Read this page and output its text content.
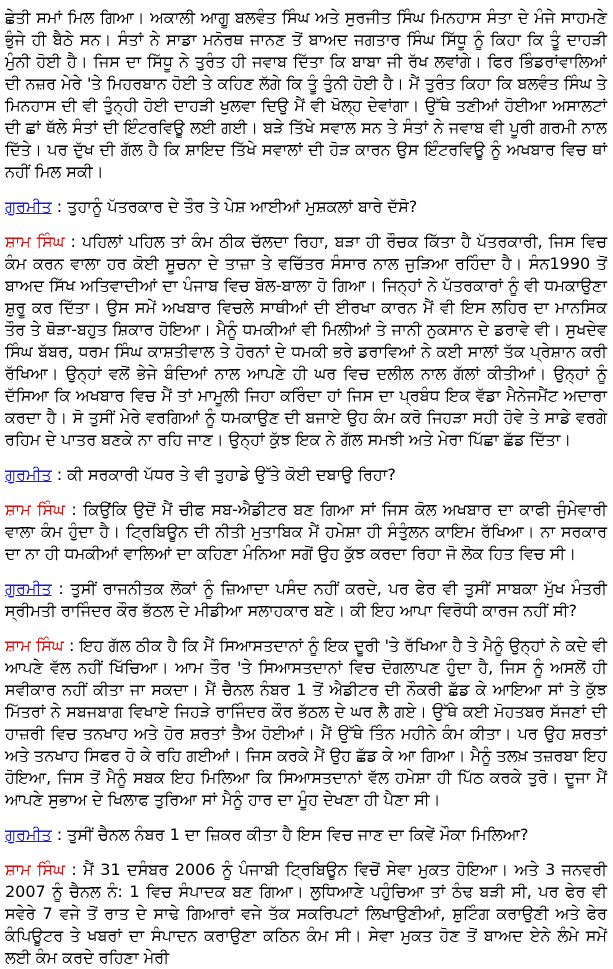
ਛੇਤੀ ਸਮਾਂ ਮਿਲ ਗਿਆ। ਅਕਾਲੀ ਆਗੂ ਬਲਵੰਤ ਸਿੰਘ ਅਤੇ ਸੁਰਜੀਤ ਸਿੰਘ ਮਿਨਹਾਸ ਸੰਤਾ ਦੇ ਮੰਜੇ ਸਾਹਮਣੇ ਭੁੰਜੇ ਹੀ ਬੈਠੇ ਸਨ। ਸੰਤਾਂ ਨੇ ਸਾਡਾ ਮਨੋਰਥ ਜਾਨਣ ਤੋਂ ਬਾਅਦ ਜਗਤਾਰ ਸਿੰਘ ਸਿੱਧੂ ਨੂੰ ਕਿਹਾ ਕਿ ਤੂੰ ਦਾਹੜੀ ਮੁੰਨੀ ਹੋਈ ਹੈ। ਜਿਸ ਦਾ ਸਿੱਧੂ ਨੇ ਤੁਰੰਤ ਹੀ ਜਵਾਬ ਦਿੱਤਾ ਕਿ ਬਾਬਾ ਜੀ ਰੱਖ ਲਵਾਂਗੇ। ਫਿਰ ਭਿੰਡਰਾਂਵਾਲਿਆਂ ਦੀ ਨਜ਼ਰ ਮੇਰੇ 'ਤੇ ਮਿਹਰਬਾਨ ਹੋਈ ਤੇ ਕਹਿਣ ਲੱਗੇ ਕਿ ਤੂੰ ਤੁੰਨੀ ਹੋਈ ਹੈ। ਮੈਂ ਤੁਰੰਤ ਕਿਹਾ ਕਿ ਬਲਵੰਤ ਸਿੰਘ ਤੇ ਮਿਨਹਾਸ ਦੀ ਵੀ ਤੁੰਨ੍ਹੀ ਹੋਈ ਦਾਹੜੀ ਖੁਲਵਾ ਦਿਉ ਮੈਂ ਵੀ ਖੋਲ੍ਹ ਦੇਵਾਂਗਾ। ਉੱਥੇ ਤਣੀਆਂ ਹੋਈਆ ਅਸਾਲਟਾਂ ਦੀ ਛਾਂ ਥੱਲੇ ਸੰਤਾਂ ਦੀ ਇੰਟਰਵਿਊ ਲਈ ਗਈ। ਬੜੇ ਤਿੱਖੇ ਸਵਾਲ ਸਨ ਤੇ ਸੰਤਾਂ ਨੇ ਜਵਾਬ ਵੀ ਪੂਰੀ ਗਰਮੀ ਨਾਲ ਦਿੱਤੇ। ਪਰ ਦੁੱਖ ਦੀ ਗੱਲ ਹੈ ਕਿ ਸ਼ਾਇਦ ਤਿੱਖੇ ਸਵਾਲਾਂ ਦੀ ਹੋੜ ਕਾਰਨ ਉਸ ਇੰਟਰਵਿਊ ਨੂੰ ਅਖਬਾਰ ਵਿਚ ਥਾਂ ਨਹੀਂ ਮਿਲ ਸਕੀ।

ਗੁਰਮੀਤ : ਤੁਹਾਨੂੰ ਪੱਤਰਕਾਰ ਦੇ ਤੌਰ ਤੇ ਪੇਸ਼ ਆਈਆਂ ਮੁਸ਼ਕਲਾਂ ਬਾਰੇ ਦੱਸੋ?

ਸ਼ਾਮ ਸਿੰਘ : ਪਹਿਲਾਂ ਪਹਿਲ ਤਾਂ ਕੰਮ ਠੀਕ ਚੱਲਦਾ ਰਿਹਾ, ਬੜਾ ਹੀ ਰੌਚਕ ਕਿੱਤਾ ਹੈ ਪੱਤਰਕਾਰੀ, ਜਿਸ ਵਿਚ ਕੰਮ ਕਰਨ ਵਾਲਾ ਹਰ ਕੋਈ ਸੂਚਨਾ ਦੇ ਤਾਜ਼ਾ ਤੇ ਵਚਿੱਤਰ ਸੰਸਾਰ ਨਾਲ ਜੁੜਿਆ ਰਹਿੰਦਾ ਹੈ। ਸੰਨ1990 ਤੋਂ ਬਾਅਦ ਸਿੱਖ ਅਤਿਵਾਦੀਆਂ ਦਾ ਪੰਜਾਬ ਵਿਚ ਬੋਲ-ਬਾਲਾ ਹੋ ਗਿਆ। ਜਿਨ੍ਹਾਂ ਨੇ ਪੱਤਰਕਾਰਾਂ ਨੂੰ ਵੀ ਧਮਕਾਉਣਾ ਸ਼ੁਰੂ ਕਰ ਦਿੱਤਾ। ਉਸ ਸਮੇਂ ਅਖਬਾਰ ਵਿਚਲੇ ਸਾਥੀਆਂ ਦੀ ਈਰਖਾ ਕਾਰਨ ਮੈਂ ਵੀ ਇਸ ਲਹਿਰ ਦਾ ਮਾਨਸਿਕ ਤੌਰ ਤੇ ਥੋੜਾ-ਬਹੁਤ ਸ਼ਿਕਾਰ ਹੋਇਆ। ਮੈਨੂੰ ਧਮਕੀਆਂ ਵੀ ਮਿਲੀਆਂ ਤੇ ਜਾਨੀ ਨੁਕਸਾਨ ਦੇ ਡਰਾਵੇ ਵੀ। ਸੁਖਦੇਵ ਸਿੰਘ ਬੱਬਰ, ਧਰਮ ਸਿੰਘ ਕਾਸ਼ਤੀਵਾਲ ਤੇ ਹੋਰਨਾਂ ਦੇ ਧਮਕੀ ਭਰੇ ਡਰਾਵਿਆਂ ਨੇ ਕਈ ਸਾਲਾਂ ਤੱਕ ਪ੍ਰੇਸ਼ਾਨ ਕਰੀ ਰੱਖਿਆ। ਉਨ੍ਹਾਂ ਵਲੋਂ ਭੇਜੇ ਬੰਦਿਆਂ ਨਾਲ ਆਪਣੇ ਹੀ ਘਰ ਵਿਚ ਦਲੀਲ ਨਾਲ ਗੱਲਾਂ ਕੀਤੀਆਂ। ਉਨ੍ਹਾਂ ਨੂੰ ਦੱਸਿਆ ਕਿ ਅਖਬਾਰ ਵਿਚ ਮੈਂ ਤਾਂ ਮਾਮੂਲੀ ਜਿਹਾ ਕਰਿੰਦਾ ਹਾਂ ਜਿਸ ਦਾ ਪ੍ਰਬੰਧ ਇਕ ਵੱਡਾ ਮੈਨੇਜਮੈਂਟ ਅਦਾਰਾ ਕਰਦਾ ਹੈ। ਸੋ ਤੁਸੀਂ ਮੇਰੇ ਵਰਗਿਆਂ ਨੂੰ ਧਮਕਾਉਣ ਦੀ ਬਜਾਏ ਉਹ ਕੰਮ ਕਰੋ ਜਿਹੜਾ ਸਹੀ ਹੋਵੇ ਤੇ ਸਾਡੇ ਵਰਗੇ ਰਹਿਮ ਦੇ ਪਾਤਰ ਬਣਕੇ ਨਾ ਰਹਿ ਜਾਣ। ਉਨ੍ਹਾਂ ਕੁੱਝ ਇਕ ਨੇ ਗੱਲ ਸਮਝੀ ਅਤੇ ਮੇਰਾ ਪਿੱਛਾ ਛੱਡ ਦਿੱਤਾ।

ਗੁਰਮੀਤ : ਕੀ ਸਰਕਾਰੀ ਪੱਧਰ ਤੇ ਵੀ ਤੁਹਾਡੇ ਉੱਤੇ ਕੋਈ ਦਬਾਉ ਰਿਹਾ?

ਸ਼ਾਮ ਸਿੰਘ : ਕਿਉਂਕਿ ਉਦੋਂ ਮੈਂ ਚੀਫ ਸਬ-ਐਡੀਟਰ ਬਣ ਗਿਆ ਸਾਂ ਜਿਸ ਕੋਲ ਅਖਬਾਰ ਦਾ ਕਾਫੀ ਜੁੰਮੇਵਾਰੀ ਵਾਲਾ ਕੰਮ ਹੁੰਦਾ ਹੈ। ਟ੍ਰਿਬਿਊਨ ਦੀ ਨੀਤੀ ਮੁਤਾਬਿਕ ਮੈਂ ਹਮੇਸ਼ਾ ਹੀ ਸੰਤੁੰਲਨ ਕਾਇਮ ਰੱਖਿਆ। ਨਾ ਸਰਕਾਰ ਦਾ ਨਾ ਹੀ ਧਮਕੀਆਂ ਵਾਲਿਆਂ ਦਾ ਕਹਿਣਾ ਮੰਨਿਆ ਸਗੋਂ ਉਹ ਕੁੱਝ ਕਰਦਾ ਰਿਹਾ ਜੋ ਲੋਕ ਹਿਤ ਵਿਚ ਸੀ।

ਗੁਰਮੀਤ : ਤੁਸੀਂ ਰਾਜਨੀਤਕ ਲੋਕਾਂ ਨੂੰ ਜ਼ਿਆਦਾ ਪਸੰਦ ਨਹੀਂ ਕਰਦੇ, ਪਰ ਫੇਰ ਵੀ ਤੁਸੀਂ ਸਾਬਕਾ ਮੁੱਖ ਮੰਤਰੀ ਸ੍ਰੀਮਤੀ ਰਾਜਿੰਦਰ ਕੌਰ ਭੱਠਲ ਦੇ ਮੀਡੀਆ ਸਲਾਹਕਾਰ ਬਣੇ। ਕੀ ਇਹ ਆਪਾ ਵਿਰੋਧੀ ਕਾਰਜ ਨਹੀਂ ਸੀ?

ਸ਼ਾਮ ਸਿੰਘ : ਇਹ ਗੱਲ ਠੀਕ ਹੈ ਕਿ ਮੈਂ ਸਿਆਸਤਦਾਨਾਂ ਨੂੰ ਇਕ ਦੂਰੀ 'ਤੇ ਰੱਖਿਆ ਹੈ ਤੇ ਮੈਨੂੰ ਉਨ੍ਹਾਂ ਨੇ ਕਦੇ ਵੀ ਆਪਣੇ ਵੱਲ ਨਹੀਂ ਖਿੱਚਿਆ। ਆਮ ਤੌਰ 'ਤੇ ਸਿਆਸਤਦਾਨਾਂ ਵਿਚ ਦੋਗਲਾਪਣ ਹੁੰਦਾ ਹੈ, ਜਿਸ ਨੂੰ ਅਸਲੋਂ ਹੀ ਸਵੀਕਾਰ ਨਹੀਂ ਕੀਤਾ ਜਾ ਸਕਦਾ। ਮੈਂ ਚੈਨਲ ਨੰਬਰ 1 ਤੋਂ ਐਡੀਟਰ ਦੀ ਨੌਕਰੀ ਛੱਡ ਕੇ ਆਇਆ ਸਾਂ ਤੇ ਕੁੱਝ ਮਿੱਤਰਾਂ ਨੇ ਸਬਜਬਾਗ ਵਿਖਾਏ ਜਿਹੜੇ ਰਾਜਿੰਦਰ ਕੌਰ ਭੱਠਲ ਦੇ ਘਰ ਲੈ ਗਏ। ਉੱਥੇ ਕਈ ਮੋਹਤਬਰ ਸੱਜਣਾਂ ਦੀ ਹਾਜ਼ਰੀ ਵਿਚ ਤਨਖਾਹ ਅਤੇ ਹੋਰ ਸ਼ਰਤਾਂ ਤੈਅ ਹੋਈਆਂ। ਮੈਂ ਉੱਥੇ ਤਿੰਨ ਮਹੀਨੇ ਕੰਮ ਕੀਤਾ। ਪਰ ਉਹ ਸ਼ਰਤਾਂ ਅਤੇ ਤਨਖਾਹ ਸਿਫਰ ਹੋ ਕੇ ਰਹਿ ਗਈਆਂ। ਜਿਸ ਕਰਕੇ ਮੈਂ ਉਹ ਛੱਡ ਕੇ ਆ ਗਿਆ। ਮੈਨੂੰ ਤਲਖ਼ ਤਜ਼ਰਬਾ ਇਹ ਹੋਇਆ, ਜਿਸ ਤੋਂ ਮੈਨੂੰ ਸਬਕ ਇਹ ਮਿਲਿਆ ਕਿ ਸਿਆਸਤਦਾਨਾਂ ਵੱਲ ਹਮੇਸ਼ਾ ਹੀ ਪਿੱਠ ਕਰਕੇ ਤੁਰੋ। ਦੂਜਾ ਮੈਂ ਆਪਣੇ ਸੁਭਾਅ ਦੇ ਖਿਲਾਫ ਤੁਰਿਆ ਸਾਂ ਮੈਨੂੰ ਹਾਰ ਦਾ ਮੂੰਹ ਦੇਖਣਾ ਹੀ ਪੈਣਾ ਸੀ।

ਗੁਰਮੀਤ : ਤੁਸੀਂ ਚੈਨਲ ਨੰਬਰ 1 ਦਾ ਜ਼ਿਕਰ ਕੀਤਾ ਹੈ ਇਸ ਵਿਚ ਜਾਣ ਦਾ ਕਿਵੇਂ ਮੌਕਾ ਮਿਲਿਆ?

ਸ਼ਾਮ ਸਿੰਘ : ਮੈਂ 31 ਦਸੰਬਰ 2006 ਨੂੰ ਪੰਜਾਬੀ ਟ੍ਰਿਬਿਊਨ ਵਿਚੋਂ ਸੇਵਾ ਮੁਕਤ ਹੋਇਆ। ਅਤੇ 3 ਜਨਵਰੀ 2007 ਨੂੰ ਚੈਨਲ ਨੰ: 1 ਵਿਚ ਸੰਪਾਦਕ ਬਣ ਗਿਆ। ਲੁਧਿਆਣੇ ਪਹੁੰਚਿਆ ਤਾਂ ਠੰਢ ਬੜੀ ਸੀ, ਪਰ ਫੇਰ ਵੀ ਸਵੇਰੇ 7 ਵਜੇ ਤੋਂ ਰਾਤ ਦੇ ਸਾਢੇ ਗਿਆਰਾਂ ਵਜੇ ਤੱਕ ਸਕਰਿਪਟਾਂ ਲਿਖਾਉਣੀਆਂ, ਸ਼ੁਟਿੰਗ ਕਰਾਉਣੀ ਅਤੇ ਫੇਰ ਕੰਪਿਊਟਰ ਤੇ ਖਬਰਾਂ ਦਾ ਸੰਪਾਦਨ ਕਰਾਉਣਾ ਕਠਿਨ ਕੰਮ ਸੀ। ਸੇਵਾ ਮੁਕਤ ਹੋਣ ਤੋਂ ਬਾਅਦ ਏਨੇ ਲੰਮੇ ਸਮੇਂ ਲਈ ਕੰਮ ਕਰਦੇ ਰਹਿਣਾ ਮੇਰੀ
